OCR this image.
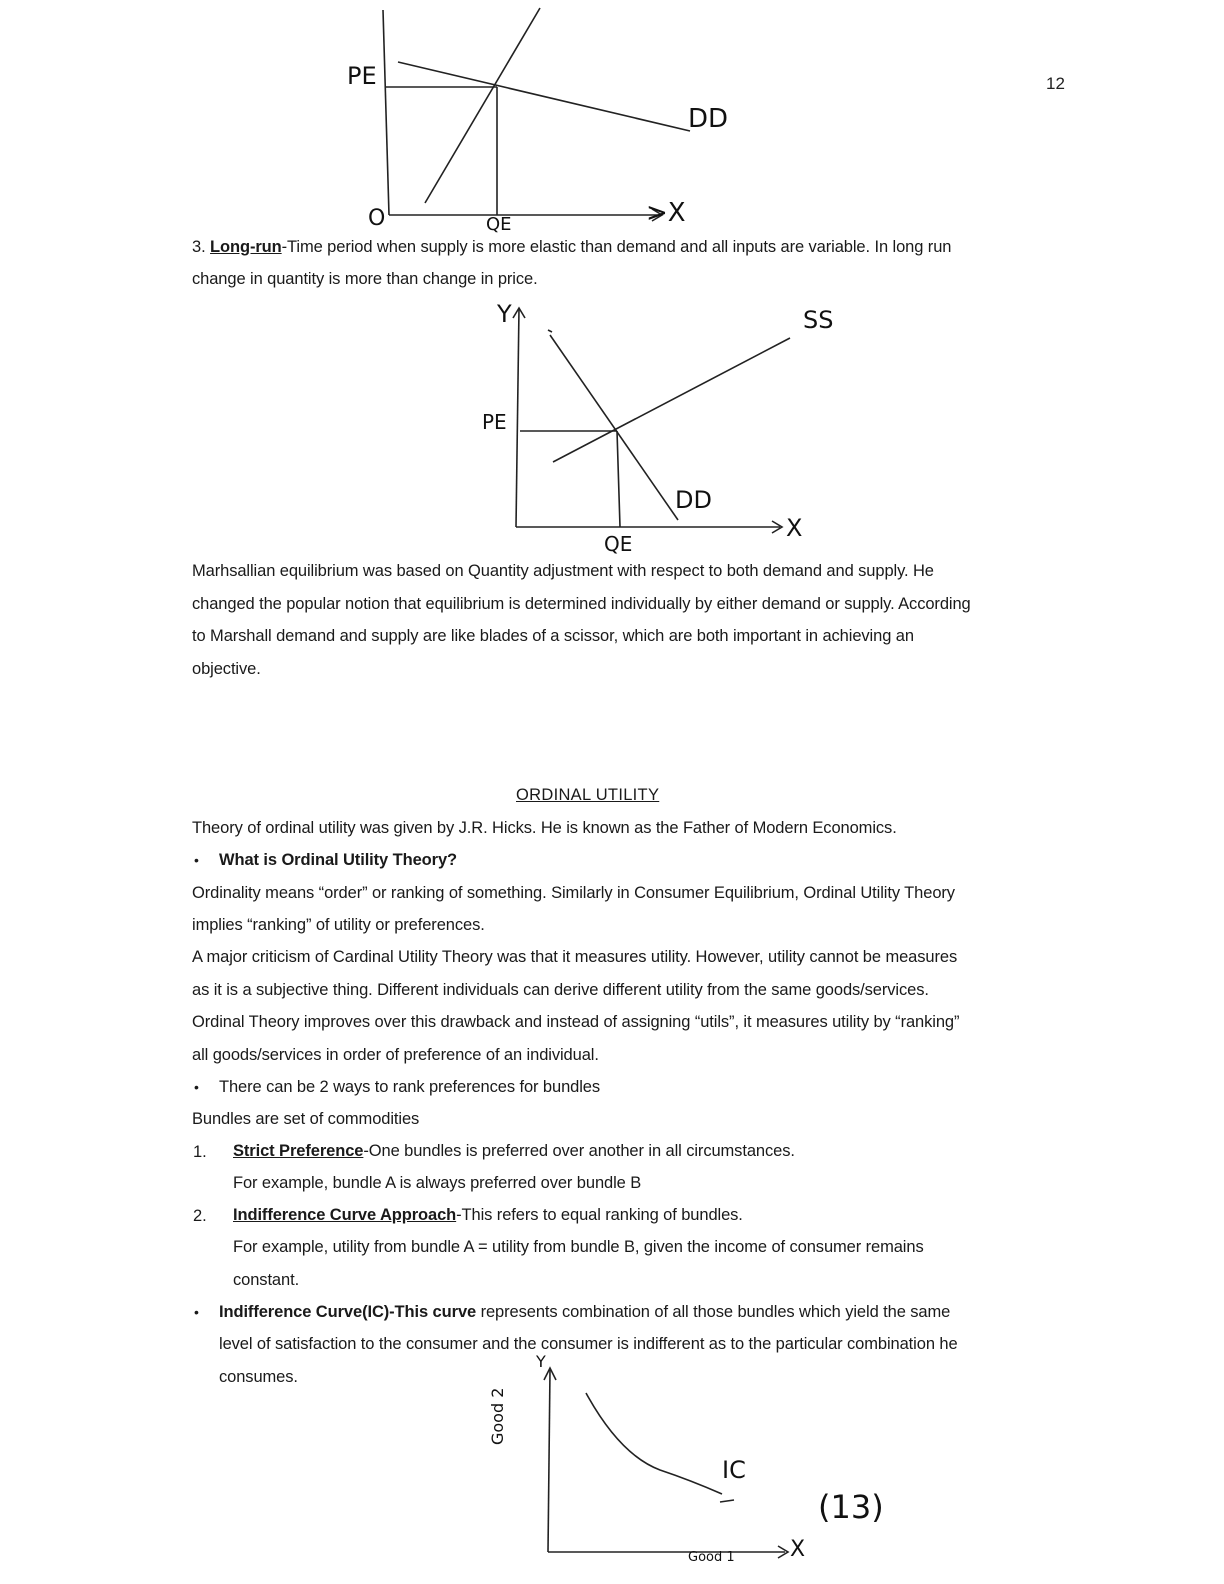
12
PE
O	QE	>X
DD
3. Long-run-Time period when supply is more elastic than demand and all inputs are variable. In long run
change in quantity is more than change in price.
Y
PE
QE
X
SS
DD
Marhsallian equilibrium was based on Quantity adjustment with respect to both demand and supply. He
changed the popular notion that equilibrium is determined individually by either demand or supply. According
to Marshall demand and supply are like blades of a scissor, which are both important in achieving an
objective.
ORDINAL UTILITY
Theory of ordinal utility was given by J.R. Hicks. He is known as the Father of Modern Economics.
• What is Ordinal Utility Theory?
Ordinality means “order” or ranking of something. Similarly in Consumer Equilibrium, Ordinal Utility Theory
implies “ranking” of utility or preferences.
A major criticism of Cardinal Utility Theory was that it measures utility. However, utility cannot be measures
as it is a subjective thing. Different individuals can derive different utility from the same goods/services.
Ordinal Theory improves over this drawback and instead of assigning “utils”, it measures utility by “ranking”
all goods/services in order of preference of an individual.
• There can be 2 ways to rank preferences for bundles
Bundles are set of commodities
1. Strict Preference-One bundles is preferred over another in all circumstances.
For example, bundle A is always preferred over bundle B
2. Indifference Curve Approach-This refers to equal ranking of bundles.
For example, utility from bundle A = utility from bundle B, given the income of consumer remains
constant.
• Indifference Curve(IC)-This curve represents combination of all those bundles which yield the same
level of satisfaction to the consumer and the consumer is indifferent as to the particular combination he
consumes.
Y
Good 2
IC
Good 1	X
(13)
